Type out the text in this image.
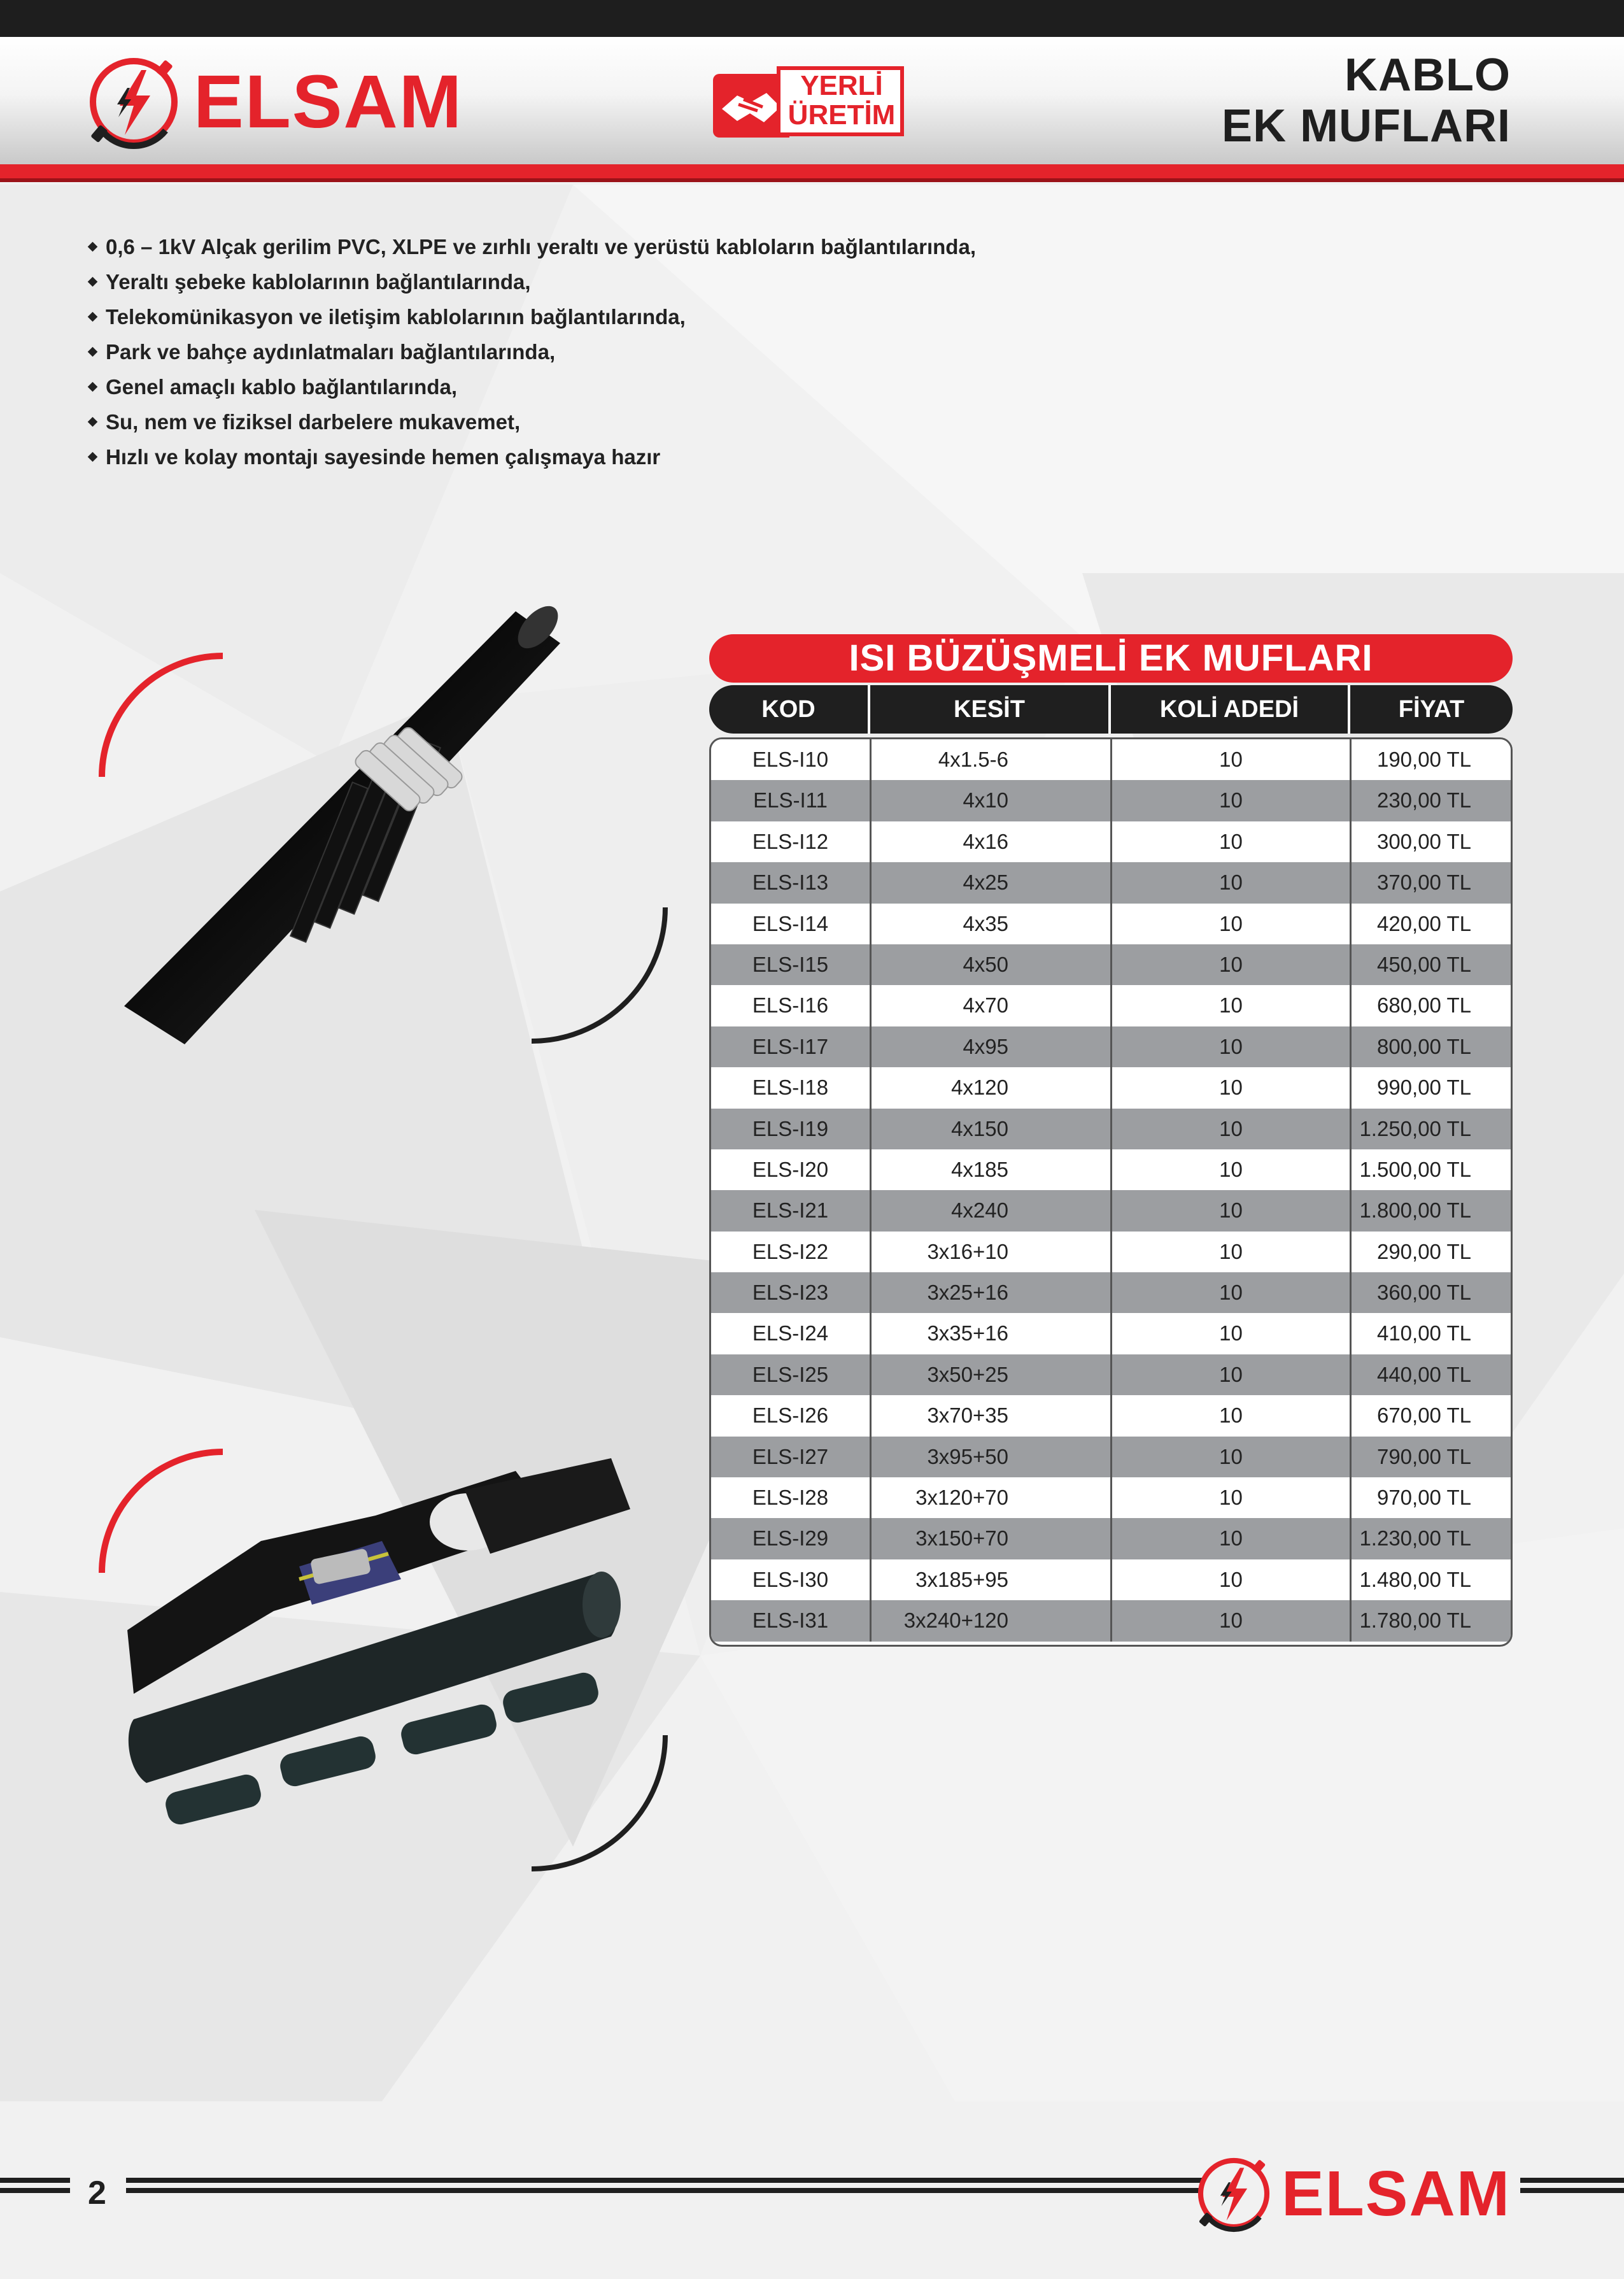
ELSAM	YERLİ
ÜRETİM
KABLO
EK MUFLARI
0,6 – 1kV Alçak gerilim PVC, XLPE ve zırhlı yeraltı ve yerüstü kabloların bağlantılarında,
Yeraltı şebeke kablolarının bağlantılarında,
Telekomünikasyon ve iletişim kablolarının bağlantılarında,
Park ve bahçe aydınlatmaları bağlantılarında,
Genel amaçlı kablo bağlantılarında,
Su, nem ve fiziksel darbelere mukavemet,
Hızlı ve kolay montajı sayesinde hemen çalışmaya hazır
ISI BÜZÜŞMELİ EK MUFLARI
KOD	KESİT	KOLİ ADEDİ	FİYAT
ELS-I10	4x1.5-6	10	190,00 TL
ELS-I11	4x10	10	230,00 TL
ELS-I12	4x16	10	300,00 TL
ELS-I13	4x25	10	370,00 TL
ELS-I14	4x35	10	420,00 TL
ELS-I15	4x50	10	450,00 TL
ELS-I16	4x70	10	680,00 TL
ELS-I17	4x95	10	800,00 TL
ELS-I18	4x120	10	990,00 TL
ELS-I19	4x150	10	1.250,00 TL
ELS-I20	4x185	10	1.500,00 TL
ELS-I21	4x240	10	1.800,00 TL
ELS-I22	3x16+10	10	290,00 TL
ELS-I23	3x25+16	10	360,00 TL
ELS-I24	3x35+16	10	410,00 TL
ELS-I25	3x50+25	10	440,00 TL
ELS-I26	3x70+35	10	670,00 TL
ELS-I27	3x95+50	10	790,00 TL
ELS-I28	3x120+70	10	970,00 TL
ELS-I29	3x150+70	10	1.230,00 TL
ELS-I30	3x185+95	10	1.480,00 TL
ELS-I31	3x240+120	10	1.780,00 TL
2	ELSAM
